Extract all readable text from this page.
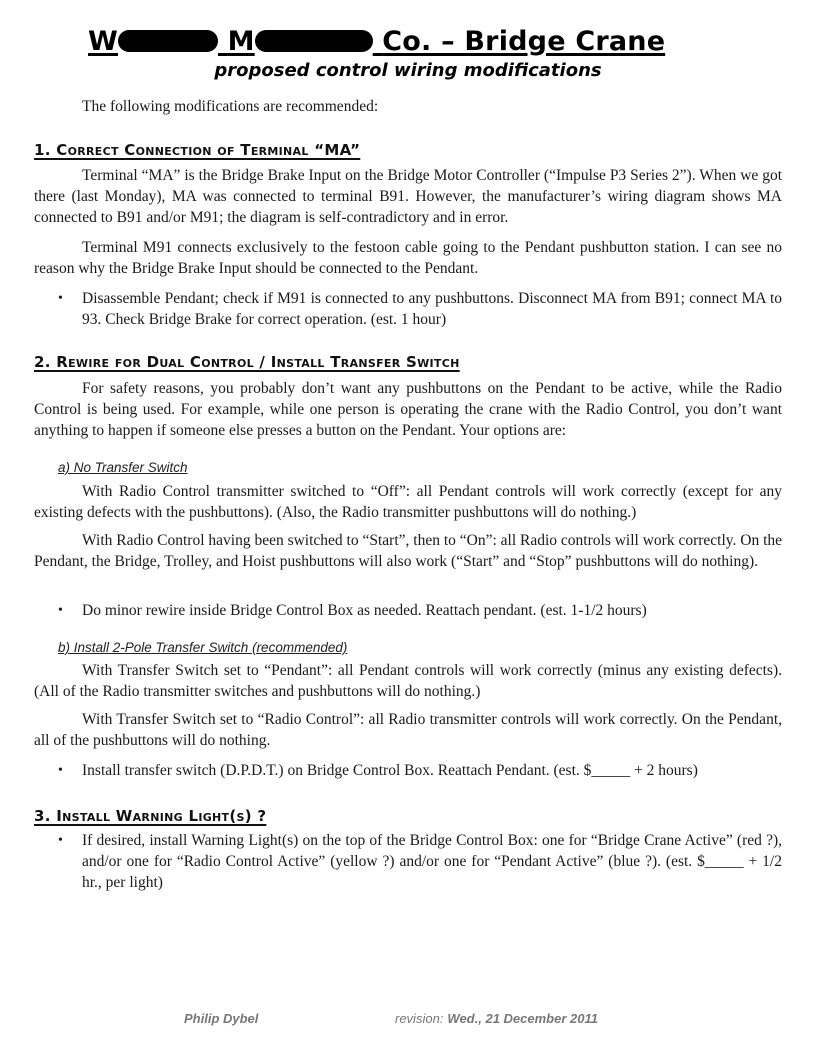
W	M	Co. – Bridge Crane
proposed control wiring modifications

The following modifications are recommended:

1. Correct Connection of Terminal “MA”

Terminal “MA” is the Bridge Brake Input on the Bridge Motor Controller (“Impulse P3 Series 2”). When we got there (last Monday), MA was connected to terminal B91. However, the manufacturer’s wiring diagram shows MA connected to B91 and/or M91; the diagram is self-contradictory and in error.

Terminal M91 connects exclusively to the festoon cable going to the Pendant pushbutton station. I can see no reason why the Bridge Brake Input should be connected to the Pendant.

•	Disassemble Pendant; check if M91 is connected to any pushbuttons. Disconnect MA from B91; connect MA to 93. Check Bridge Brake for correct operation. (est. 1 hour)
2. Rewire for Dual Control / Install Transfer Switch

For safety reasons, you probably don’t want any pushbuttons on the Pendant to be active, while the Radio Control is being used. For example, while one person is operating the crane with the Radio Control, you don’t want anything to happen if someone else presses a button on the Pendant. Your options are:

a) No Transfer Switch

With Radio Control transmitter switched to “Off”: all Pendant controls will work correctly (except for any existing defects with the pushbuttons). (Also, the Radio transmitter pushbuttons will do nothing.)

With Radio Control having been switched to “Start”, then to “On”: all Radio controls will work correctly. On the Pendant, the Bridge, Trolley, and Hoist pushbuttons will also work (“Start” and “Stop” pushbuttons will do nothing).

•	Do minor rewire inside Bridge Control Box as needed. Reattach pendant. (est. 1-1/2 hours)

b) Install 2-Pole Transfer Switch (recommended)

With Transfer Switch set to “Pendant”: all Pendant controls will work correctly (minus any existing defects). (All of the Radio transmitter switches and pushbuttons will do nothing.)

With Transfer Switch set to “Radio Control”: all Radio transmitter controls will work correctly. On the Pendant, all of the pushbuttons will do nothing.

•	Install transfer switch (D.P.D.T.) on Bridge Control Box. Reattach Pendant. (est. $_____ + 2 hours)
3. Install Warning Light(s) ?
•	If desired, install Warning Light(s) on the top of the Bridge Control Box: one for “Bridge Crane Active” (red ?), and/or one for “Radio Control Active” (yellow ?) and/or one for “Pendant Active” (blue ?). (est. $_____ + 1/2 hr., per light)
Philip Dybel	revision: Wed., 21 December 2011
